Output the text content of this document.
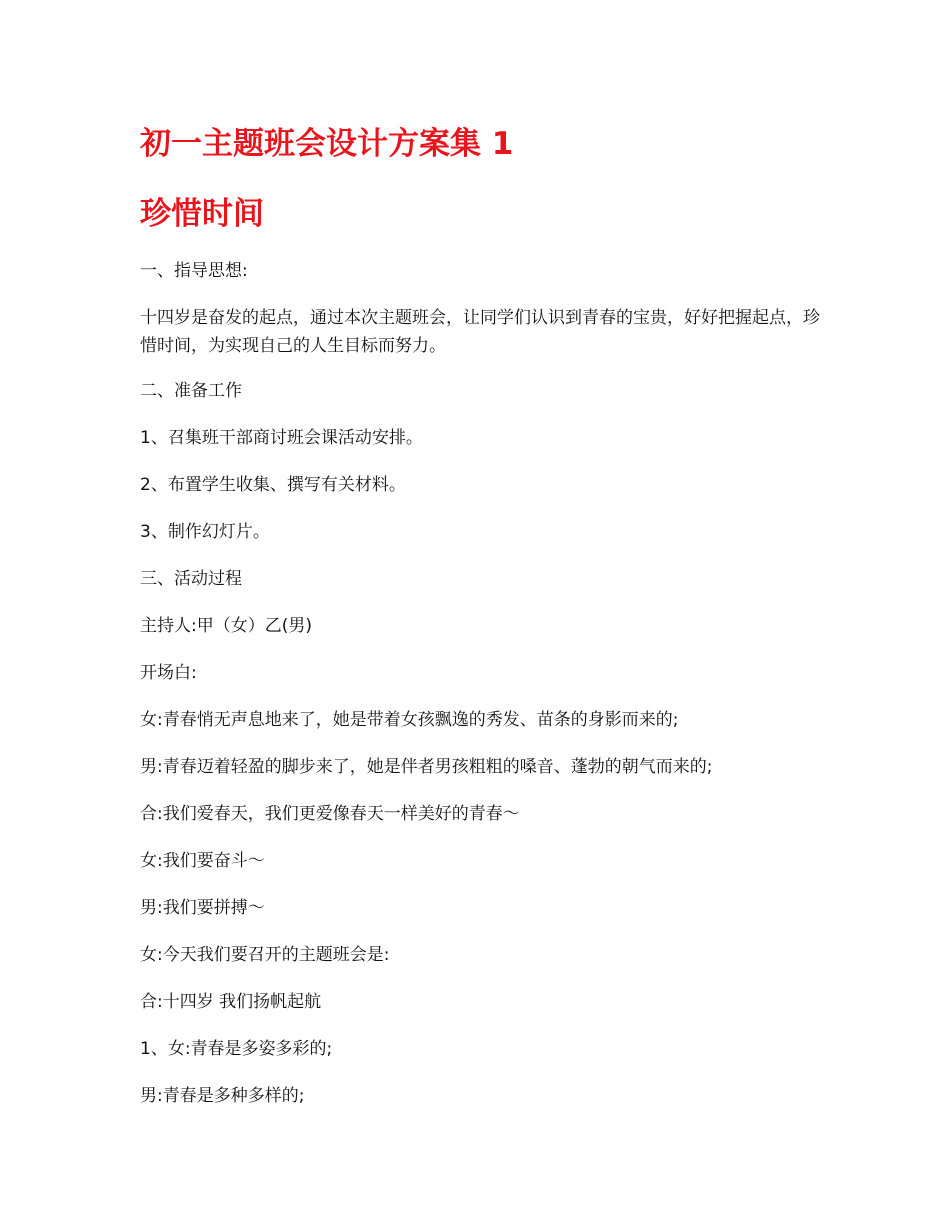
初一主题班会设计方案集 1
珍惜时间

一、指导思想:

十四岁是奋发的起点，通过本次主题班会，让同学们认识到青春的宝贵，好好把握起点，珍惜时间，为实现自己的人生目标而努力。

二、准备工作

1、召集班干部商讨班会课活动安排。

2、布置学生收集、撰写有关材料。

3、制作幻灯片。

三、活动过程

主持人:甲（女）乙(男)

开场白:

女:青春悄无声息地来了，她是带着女孩飘逸的秀发、苗条的身影而来的;

男:青春迈着轻盈的脚步来了，她是伴者男孩粗粗的嗓音、蓬勃的朝气而来的;

合:我们爱春天，我们更爱像春天一样美好的青春～

女:我们要奋斗～

男:我们要拼搏～

女:今天我们要召开的主题班会是:

合:十四岁 我们扬帆起航

1、女:青春是多姿多彩的;

男:青春是多种多样的;
